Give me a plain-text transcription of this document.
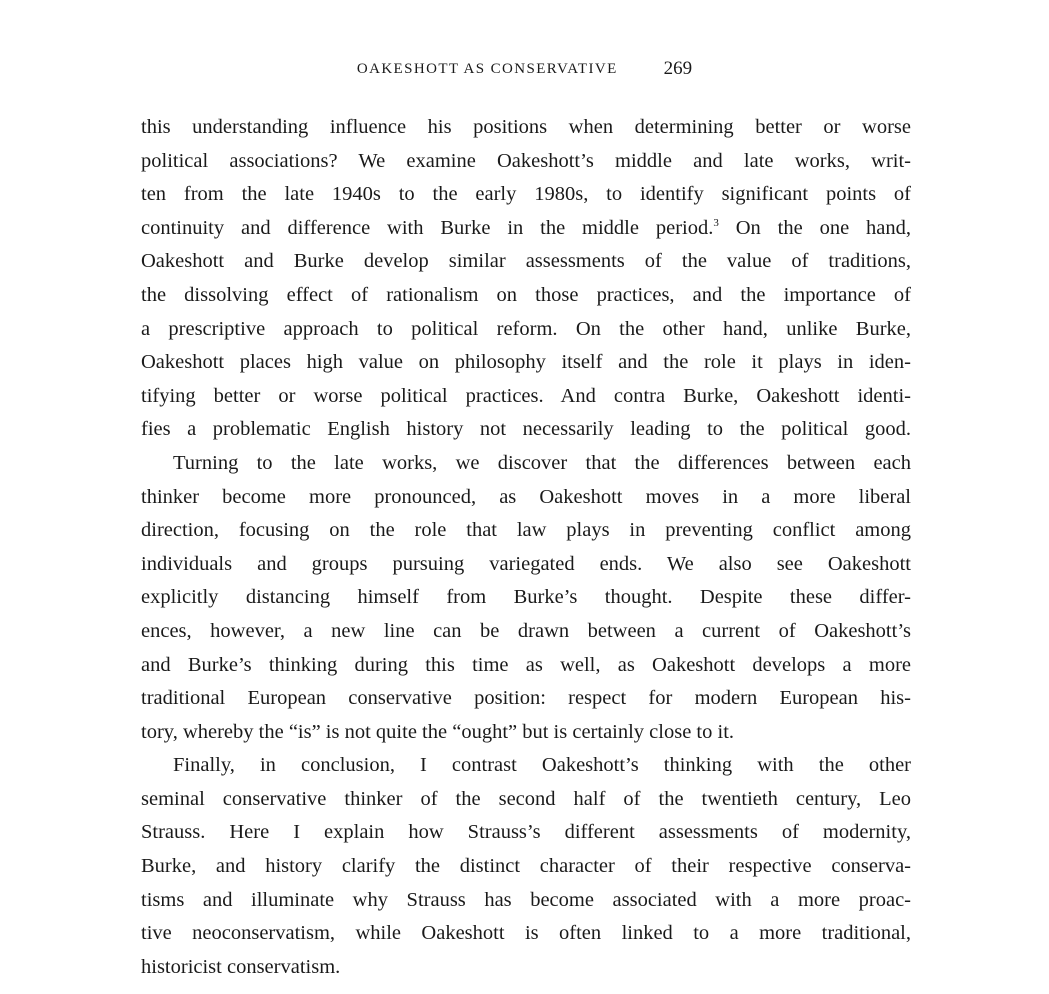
OAKESHOTT AS CONSERVATIVE 269
this understanding influence his positions when determining better or worse
political associations? We examine Oakeshott’s middle and late works, writ-
ten from the late 1940s to the early 1980s, to identify significant points of
continuity and difference with Burke in the middle period.$^3$ On the one hand,
Oakeshott and Burke develop similar assessments of the value of traditions,
the dissolving effect of rationalism on those practices, and the importance of
a prescriptive approach to political reform. On the other hand, unlike Burke,
Oakeshott places high value on philosophy itself and the role it plays in iden-
tifying better or worse political practices. And contra Burke, Oakeshott identi-
fies a problematic English history not necessarily leading to the political good.
Turning to the late works, we discover that the differences between each
thinker become more pronounced, as Oakeshott moves in a more liberal
direction, focusing on the role that law plays in preventing conflict among
individuals and groups pursuing variegated ends. We also see Oakeshott
explicitly distancing himself from Burke’s thought. Despite these differ-
ences, however, a new line can be drawn between a current of Oakeshott’s
and Burke’s thinking during this time as well, as Oakeshott develops a more
traditional European conservative position: respect for modern European his-
tory, whereby the “is” is not quite the “ought” but is certainly close to it.
Finally, in conclusion, I contrast Oakeshott’s thinking with the other
seminal conservative thinker of the second half of the twentieth century, Leo
Strauss. Here I explain how Strauss’s different assessments of modernity,
Burke, and history clarify the distinct character of their respective conserva-
tisms and illuminate why Strauss has become associated with a more proac-
tive neoconservatism, while Oakeshott is often linked to a more traditional,
historicist conservatism.
